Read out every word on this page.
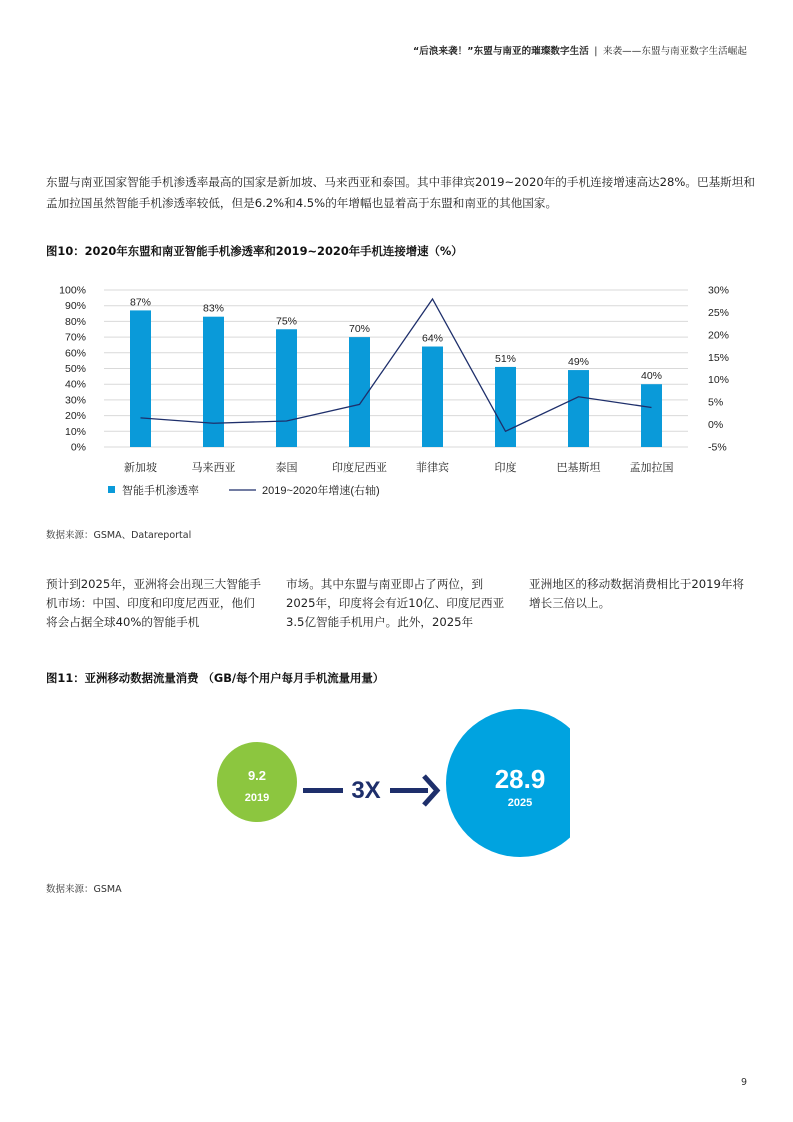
“后浪来袭！”东盟与南亚的璀璨数字生活 | 来袭——东盟与南亚数字生活崛起

东盟与南亚国家智能手机渗透率最高的国家是新加坡、马来西亚和泰国。其中菲律宾2019~2020年的手机连接增速高达28%。巴基斯坦和孟加拉国虽然智能手机渗透率较低，但是6.2%和4.5%的年增幅也显着高于东盟和南亚的其他国家。

图10：2020年东盟和南亚智能手机渗透率和2019~2020年手机连接增速（%）
0%
10%
20%
30%
40%
50%
60%
70%
80%
90%
100%
-5%
0%
5%
10%
15%
20%
25%
30%
87%
新加坡
83%
马来西亚
75%
泰国
70%
印度尼西亚
64%
菲律宾
51%
印度
49%
巴基斯坦
40%
孟加拉国
智能手机渗透率	2019~2020年增速(右轴)
数据来源：GSMA、Datareportal

预计到2025年，亚洲将会出现三大智能手机市场：中国、印度和印度尼西亚，他们将会占据全球40%的智能手机

市场。其中东盟与南亚即占了两位，到2025年，印度将会有近10亿、印度尼西亚3.5亿智能手机用户。此外，2025年

亚洲地区的移动数据消费相比于2019年将增长三倍以上。

图11：亚洲移动数据流量消费 （GB/每个用户每月手机流量用量）
9.2
2019	3X	28.9
2025
数据来源：GSMA
9
